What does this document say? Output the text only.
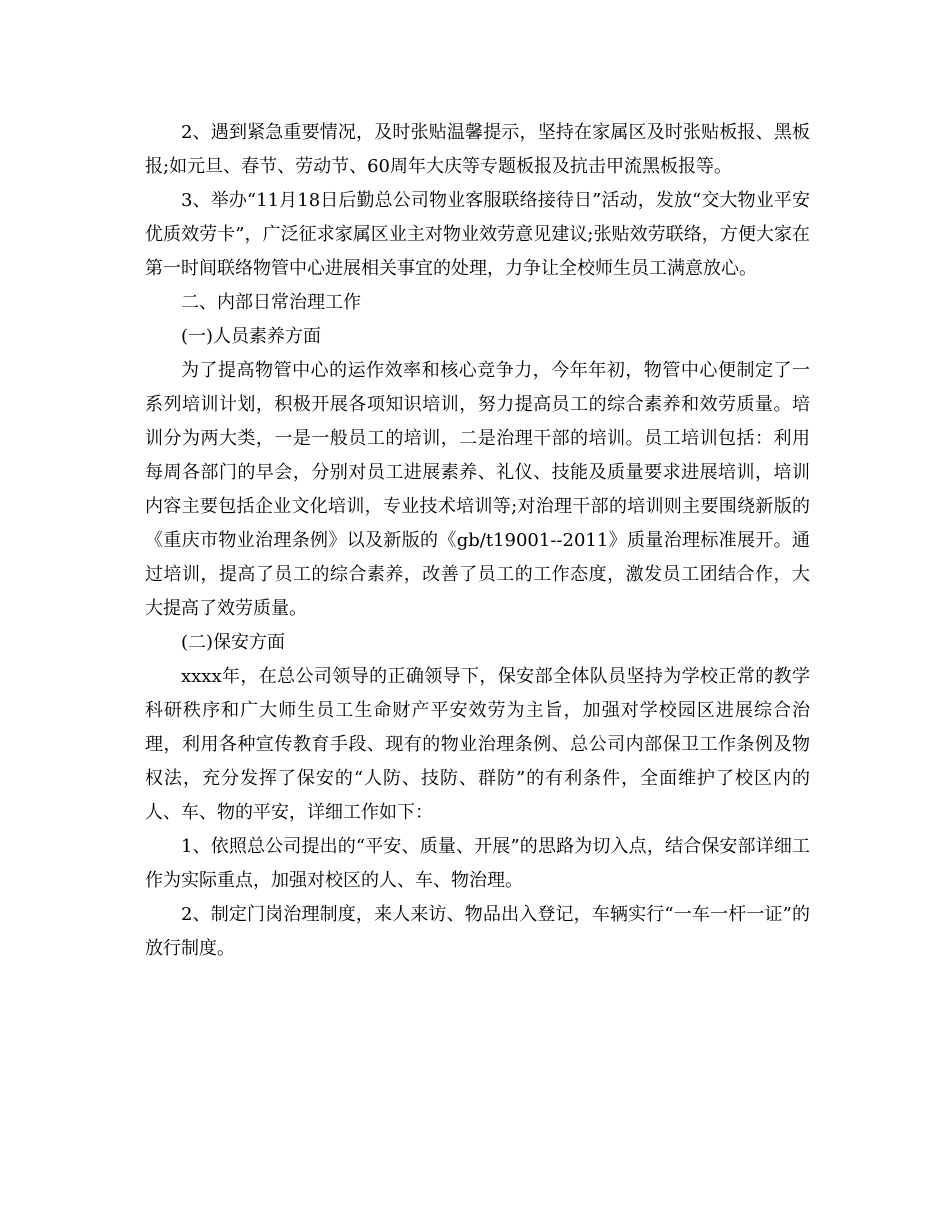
2、遇到紧急重要情况，及时张贴温馨提示，坚持在家属区及时张贴板报、黑板报;如元旦、春节、劳动节、60周年大庆等专题板报及抗击甲流黑板报等。

3、举办“11月18日后勤总公司物业客服联络接待日”活动，发放“交大物业平安优质效劳卡”，广泛征求家属区业主对物业效劳意见建议;张贴效劳联络，方便大家在第一时间联络物管中心进展相关事宜的处理，力争让全校师生员工满意放心。

二、内部日常治理工作

(一)人员素养方面

为了提高物管中心的运作效率和核心竞争力，今年年初，物管中心便制定了一系列培训计划，积极开展各项知识培训，努力提高员工的综合素养和效劳质量。培训分为两大类，一是一般员工的培训，二是治理干部的培训。员工培训包括：利用每周各部门的早会，分别对员工进展素养、礼仪、技能及质量要求进展培训，培训内容主要包括企业文化培训，专业技术培训等;对治理干部的培训则主要围绕新版的《重庆市物业治理条例》以及新版的《gb/t19001--2011》质量治理标准展开。通过培训，提高了员工的综合素养，改善了员工的工作态度，激发员工团结合作，大大提高了效劳质量。

(二)保安方面

xxxx年，在总公司领导的正确领导下，保安部全体队员坚持为学校正常的教学科研秩序和广大师生员工生命财产平安效劳为主旨，加强对学校园区进展综合治理，利用各种宣传教育手段、现有的物业治理条例、总公司内部保卫工作条例及物权法，充分发挥了保安的“人防、技防、群防”的有利条件，全面维护了校区内的人、车、物的平安，详细工作如下：

1、依照总公司提出的“平安、质量、开展”的思路为切入点，结合保安部详细工作为实际重点，加强对校区的人、车、物治理。

2、制定门岗治理制度，来人来访、物品出入登记，车辆实行“一车一杆一证”的放行制度。
